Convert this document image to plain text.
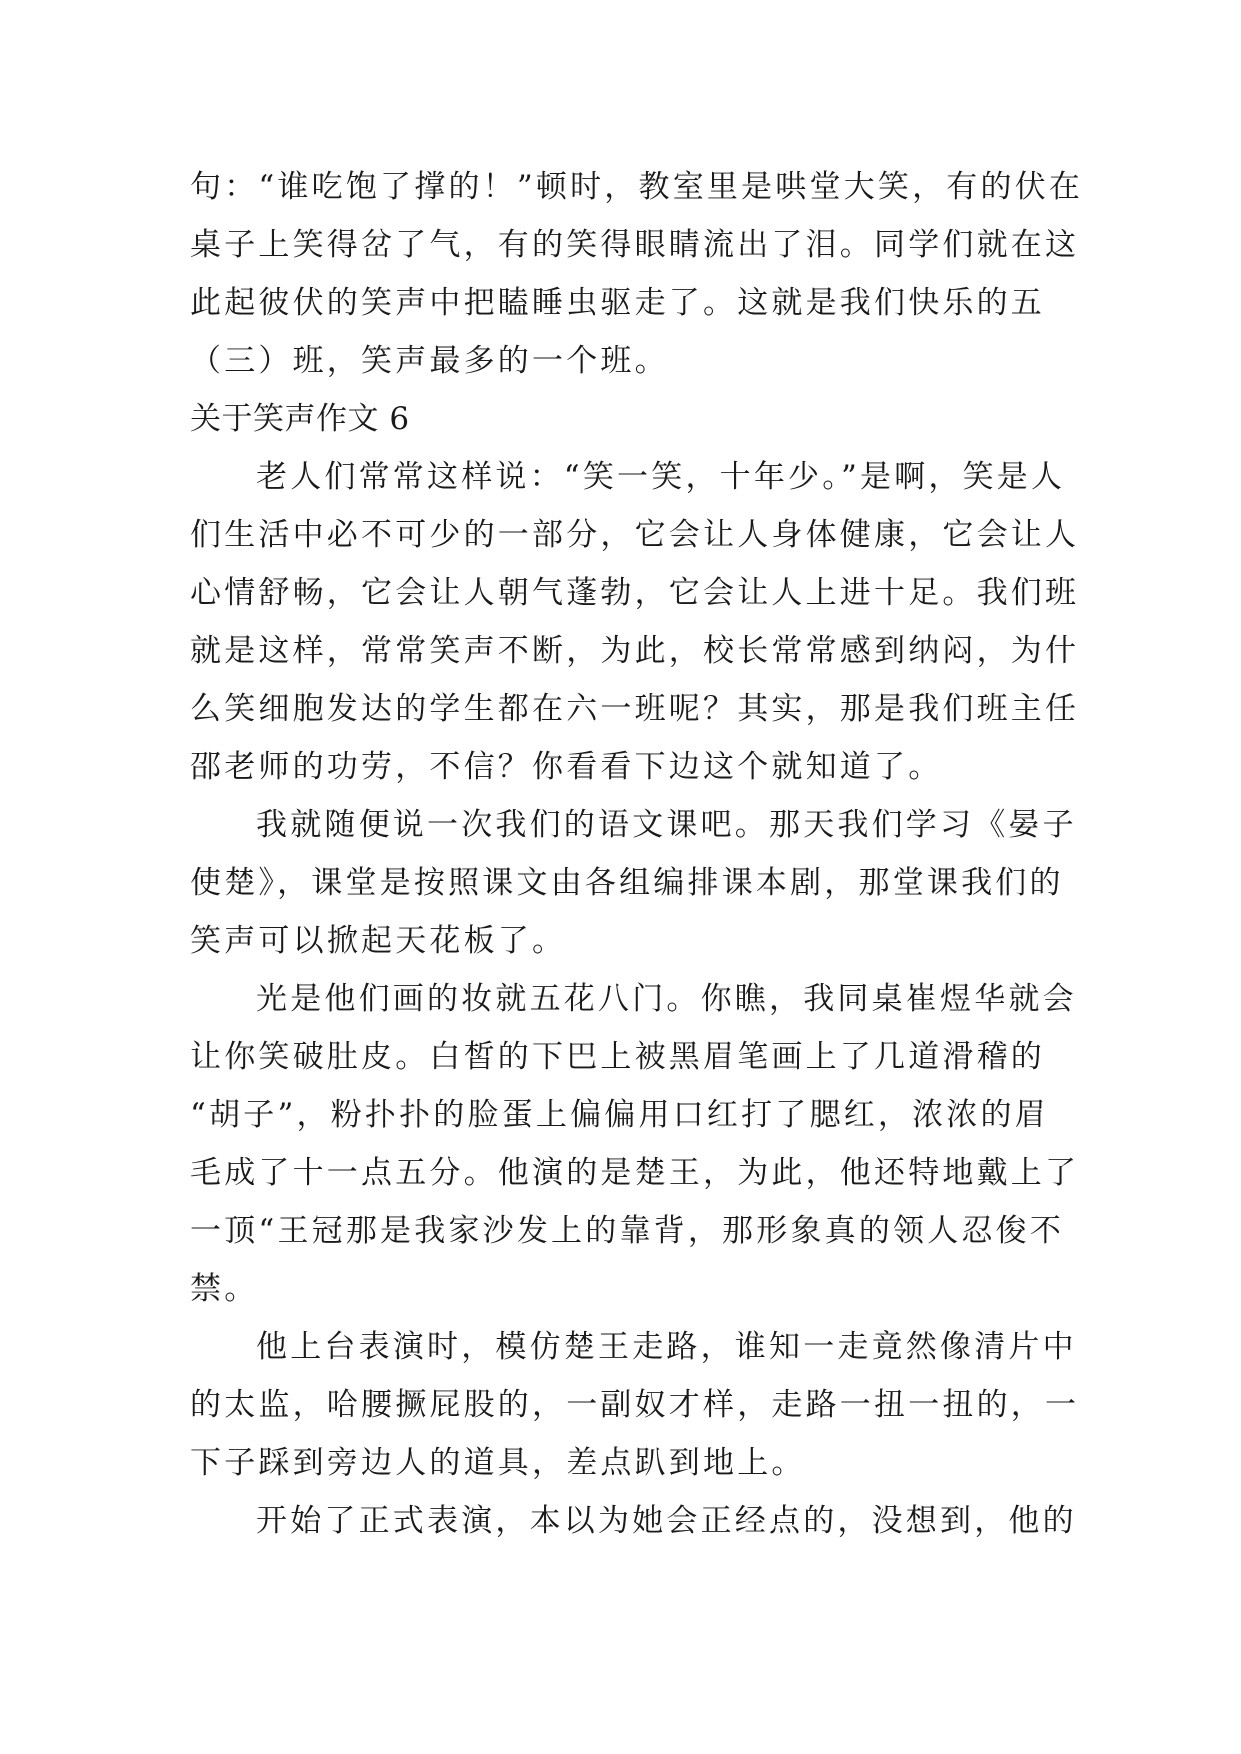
句：“谁吃饱了撑的！”顿时，教室里是哄堂大笑，有的伏在
桌子上笑得岔了气，有的笑得眼睛流出了泪。同学们就在这
此起彼伏的笑声中把瞌睡虫驱走了。这就是我们快乐的五
（三）班，笑声最多的一个班。
关于笑声作文 6
老人们常常这样说：“笑一笑，十年少。”是啊，笑是人
们生活中必不可少的一部分，它会让人身体健康，它会让人
心情舒畅，它会让人朝气蓬勃，它会让人上进十足。我们班
就是这样，常常笑声不断，为此，校长常常感到纳闷，为什
么笑细胞发达的学生都在六一班呢？其实，那是我们班主任
邵老师的功劳，不信？你看看下边这个就知道了。
我就随便说一次我们的语文课吧。那天我们学习《晏子
使楚》，课堂是按照课文由各组编排课本剧，那堂课我们的
笑声可以掀起天花板了。
光是他们画的妆就五花八门。你瞧，我同桌崔煜华就会
让你笑破肚皮。白皙的下巴上被黑眉笔画上了几道滑稽的
“胡子”，粉扑扑的脸蛋上偏偏用口红打了腮红，浓浓的眉
毛成了十一点五分。他演的是楚王，为此，他还特地戴上了
一顶“王冠那是我家沙发上的靠背，那形象真的领人忍俊不
禁。
他上台表演时，模仿楚王走路，谁知一走竟然像清片中
的太监，哈腰撅屁股的，一副奴才样，走路一扭一扭的，一
下子踩到旁边人的道具，差点趴到地上。
开始了正式表演，本以为她会正经点的，没想到，他的
